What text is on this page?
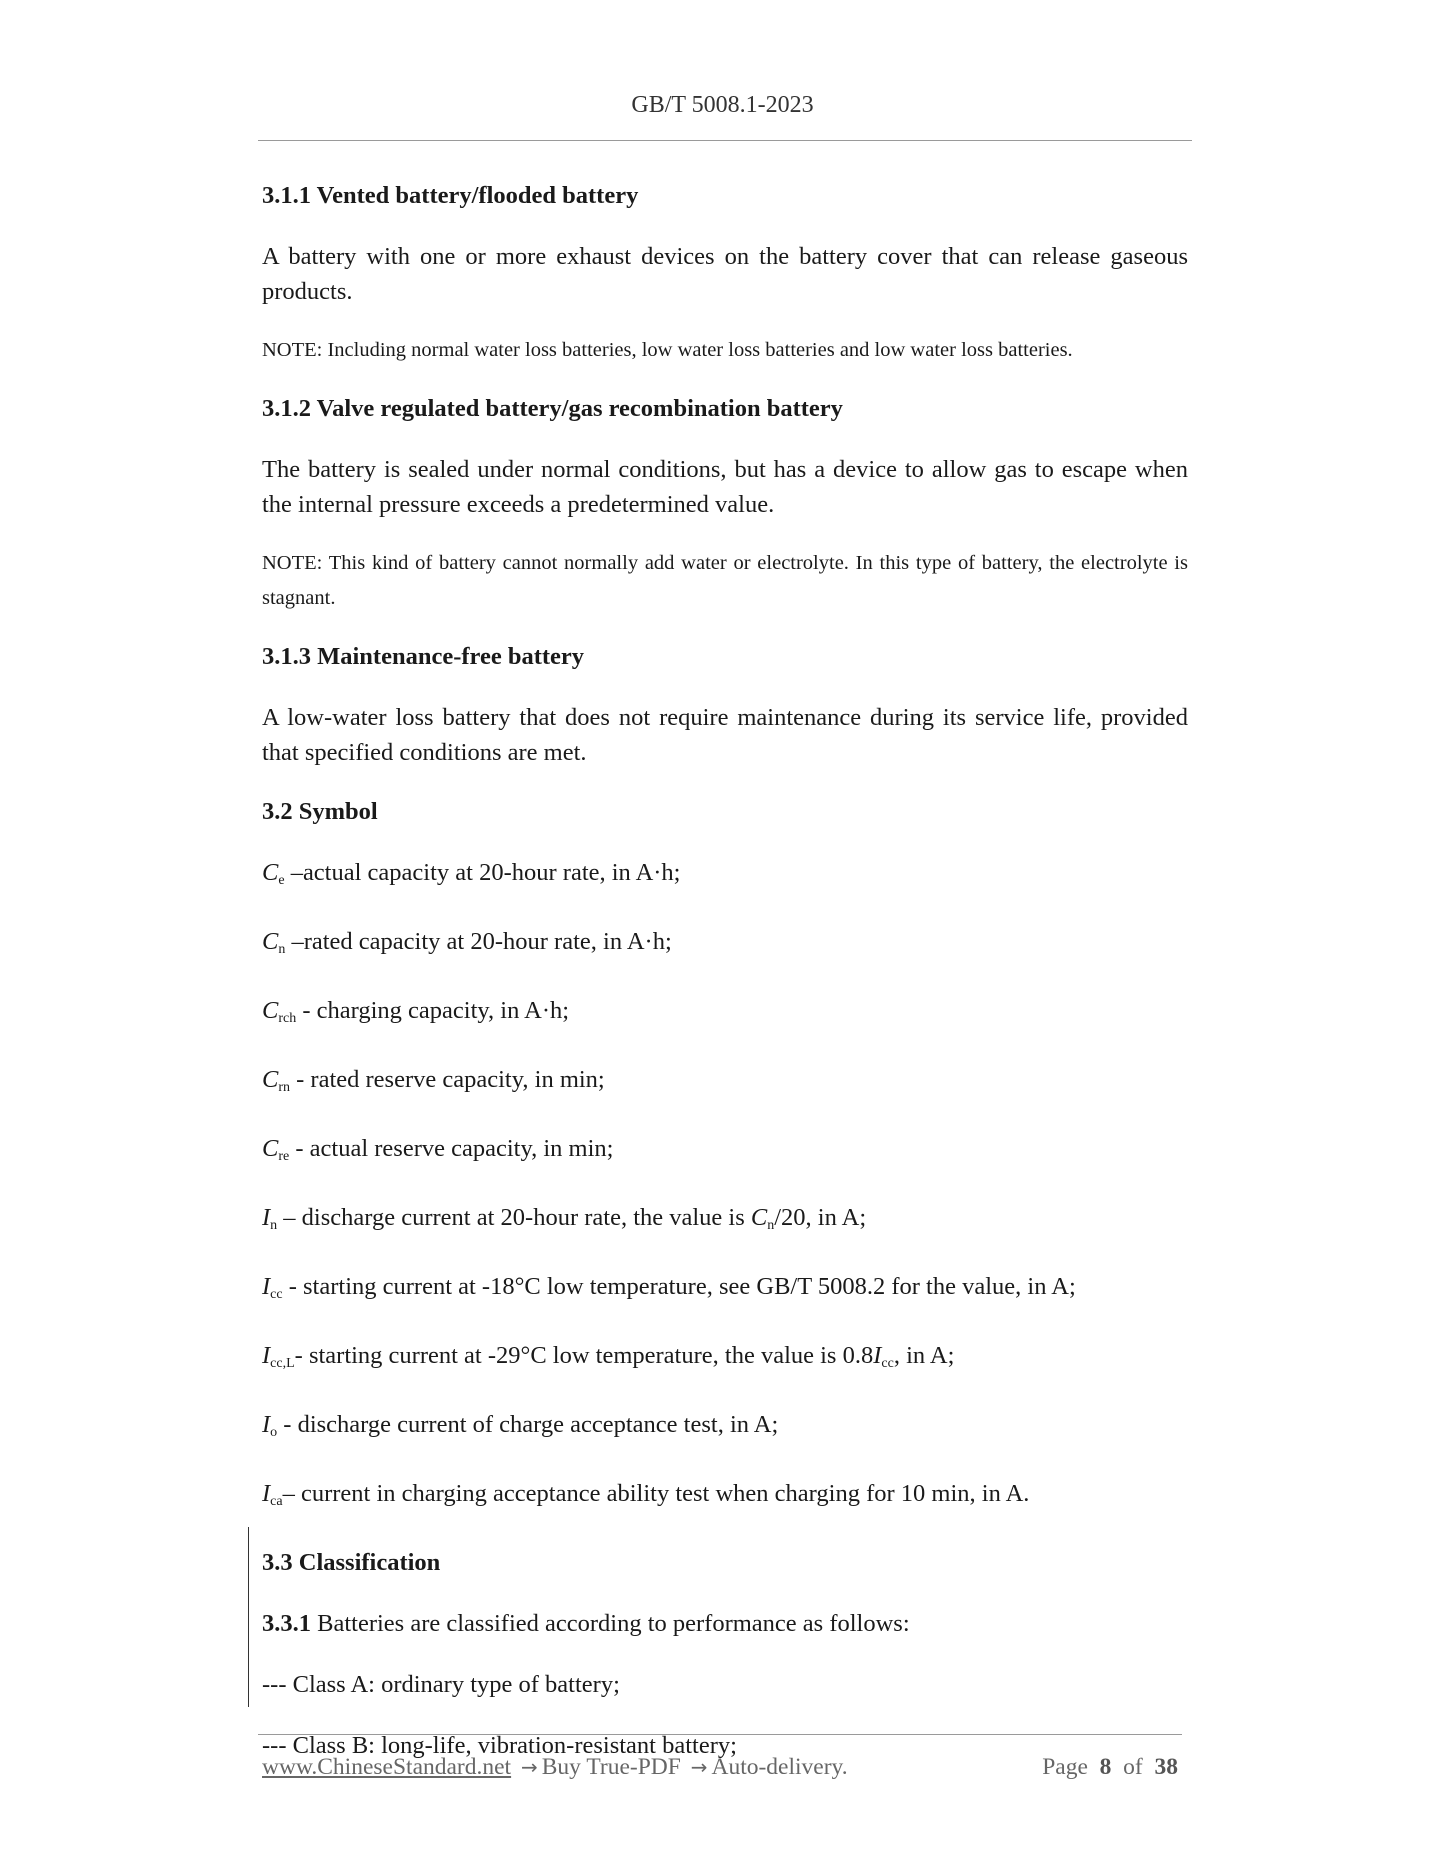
GB/T 5008.1-2023
3.1.1 Vented battery/flooded battery
A battery with one or more exhaust devices on the battery cover that can release gaseous products.
NOTE: Including normal water loss batteries, low water loss batteries and low water loss batteries.
3.1.2 Valve regulated battery/gas recombination battery
The battery is sealed under normal conditions, but has a device to allow gas to escape when the internal pressure exceeds a predetermined value.
NOTE: This kind of battery cannot normally add water or electrolyte. In this type of battery, the electrolyte is stagnant.
3.1.3 Maintenance-free battery
A low-water loss battery that does not require maintenance during its service life, provided that specified conditions are met.
3.2 Symbol
$C_e$ –actual capacity at 20-hour rate, in A·h;
$C_n$ –rated capacity at 20-hour rate, in A·h;
$C_{rch}$ - charging capacity, in A·h;
$C_{rn}$ - rated reserve capacity, in min;
$C_{re}$ - actual reserve capacity, in min;
$I_n$ – discharge current at 20-hour rate, the value is $C_n/20$, in A;
$I_{cc}$ - starting current at -18°C low temperature, see GB/T 5008.2 for the value, in A;
$I_{cc,L}-$ starting current at -29°C low temperature, the value is $0.8I_{cc}$, in A;
$I_o$ - discharge current of charge acceptance test, in A;
$I_{ca}-$ current in charging acceptance ability test when charging for 10 min, in A.
3.3 Classification
3.3.1 Batteries are classified according to performance as follows:
--- Class A: ordinary type of battery;
--- Class B: long-life, vibration-resistant battery;
www.ChineseStandard.net → Buy True-PDF → Auto-delivery.	Page 8 of 38
